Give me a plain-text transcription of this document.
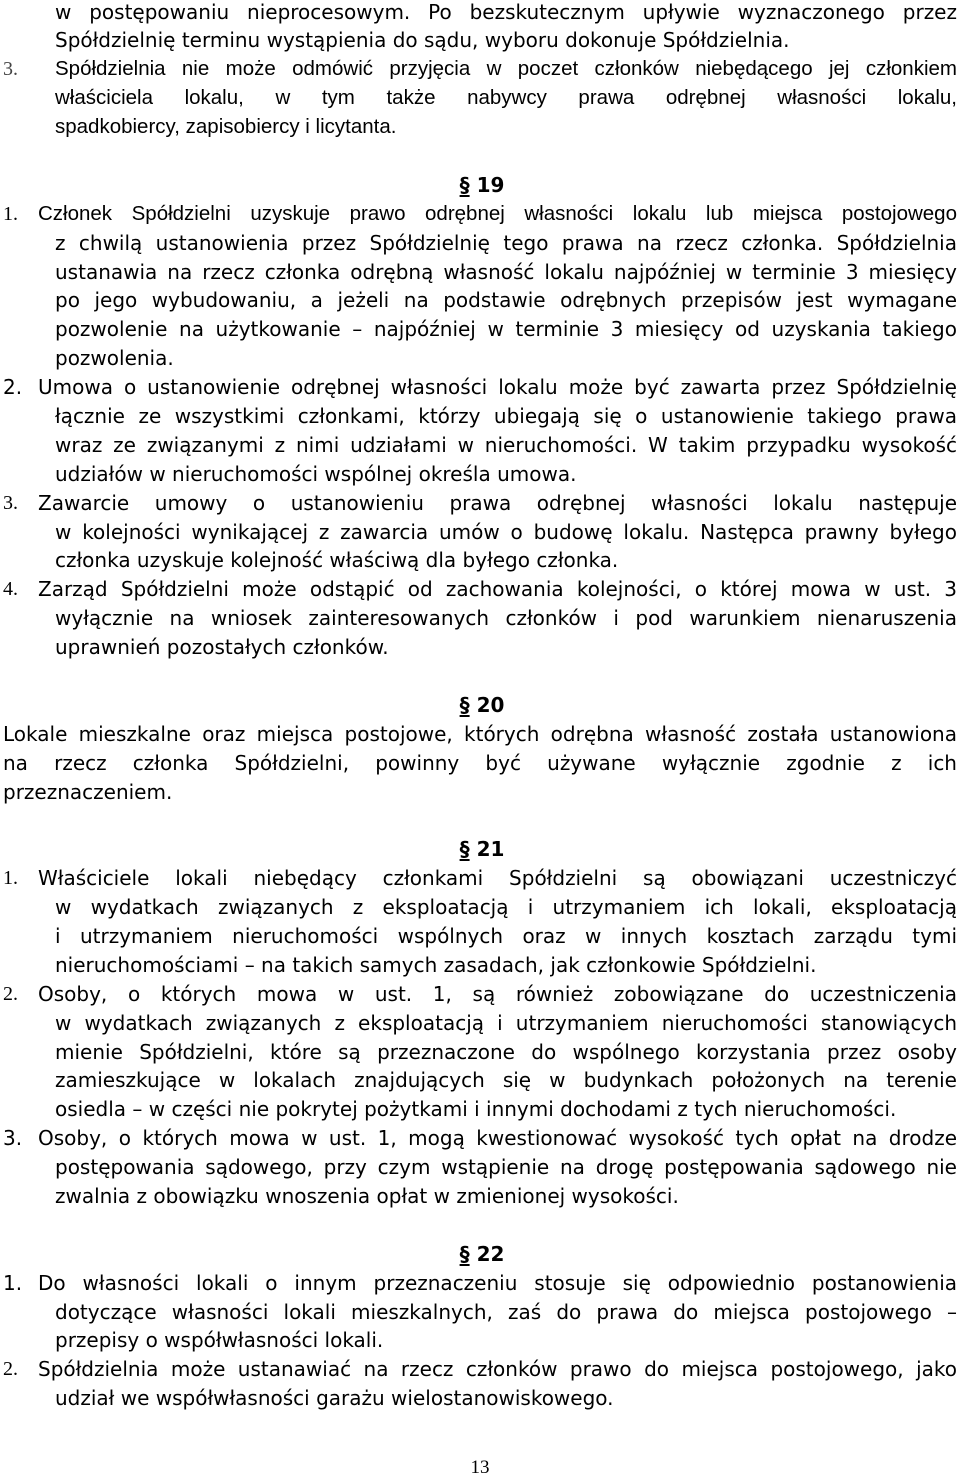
w postępowaniu nieprocesowym. Po bezskutecznym upływie wyznaczonego przez
Spółdzielnię terminu wystąpienia do sądu, wyboru dokonuje Spółdzielnia.
3. Spółdzielnia nie może odmówić przyjęcia w poczet członków niebędącego jej członkiem
właściciela lokalu, w tym także nabywcy prawa odrębnej własności lokalu,
spadkobiercy, zapisobiercy i licytanta.
§ 19
1. Członek Spółdzielni uzyskuje prawo odrębnej własności lokalu lub miejsca postojowego
z chwilą ustanowienia przez Spółdzielnię tego prawa na rzecz członka. Spółdzielnia
ustanawia na rzecz członka odrębną własność lokalu najpóźniej w terminie 3 miesięcy
po jego wybudowaniu, a jeżeli na podstawie odrębnych przepisów jest wymagane
pozwolenie na użytkowanie – najpóźniej w terminie 3 miesięcy od uzyskania takiego
pozwolenia.
2. Umowa o ustanowienie odrębnej własności lokalu może być zawarta przez Spółdzielnię
łącznie ze wszystkimi członkami, którzy ubiegają się o ustanowienie takiego prawa
wraz ze związanymi z nimi udziałami w nieruchomości. W takim przypadku wysokość
udziałów w nieruchomości wspólnej określa umowa.
3. Zawarcie umowy o ustanowieniu prawa odrębnej własności lokalu następuje
w kolejności wynikającej z zawarcia umów o budowę lokalu. Następca prawny byłego
członka uzyskuje kolejność właściwą dla byłego członka.
4. Zarząd Spółdzielni może odstąpić od zachowania kolejności, o której mowa w ust. 3
wyłącznie na wniosek zainteresowanych członków i pod warunkiem nienaruszenia
uprawnień pozostałych członków.
§ 20
Lokale mieszkalne oraz miejsca postojowe, których odrębna własność została ustanowiona
na rzecz członka Spółdzielni, powinny być używane wyłącznie zgodnie z ich
przeznaczeniem.
§ 21
1. Właściciele lokali niebędący członkami Spółdzielni są obowiązani uczestniczyć
w wydatkach związanych z eksploatacją i utrzymaniem ich lokali, eksploatacją
i utrzymaniem nieruchomości wspólnych oraz w innych kosztach zarządu tymi
nieruchomościami – na takich samych zasadach, jak członkowie Spółdzielni.
2. Osoby, o których mowa w ust. 1, są również zobowiązane do uczestniczenia
w wydatkach związanych z eksploatacją i utrzymaniem nieruchomości stanowiących
mienie Spółdzielni, które są przeznaczone do wspólnego korzystania przez osoby
zamieszkujące w lokalach znajdujących się w budynkach położonych na terenie
osiedla – w części nie pokrytej pożytkami i innymi dochodami z tych nieruchomości.
3. Osoby, o których mowa w ust. 1, mogą kwestionować wysokość tych opłat na drodze
postępowania sądowego, przy czym wstąpienie na drogę postępowania sądowego nie
zwalnia z obowiązku wnoszenia opłat w zmienionej wysokości.
§ 22
1. Do własności lokali o innym przeznaczeniu stosuje się odpowiednio postanowienia
dotyczące własności lokali mieszkalnych, zaś do prawa do miejsca postojowego –
przepisy o współwłasności lokali.
2. Spółdzielnia może ustanawiać na rzecz członków prawo do miejsca postojowego, jako
udział we współwłasności garażu wielostanowiskowego.
13
